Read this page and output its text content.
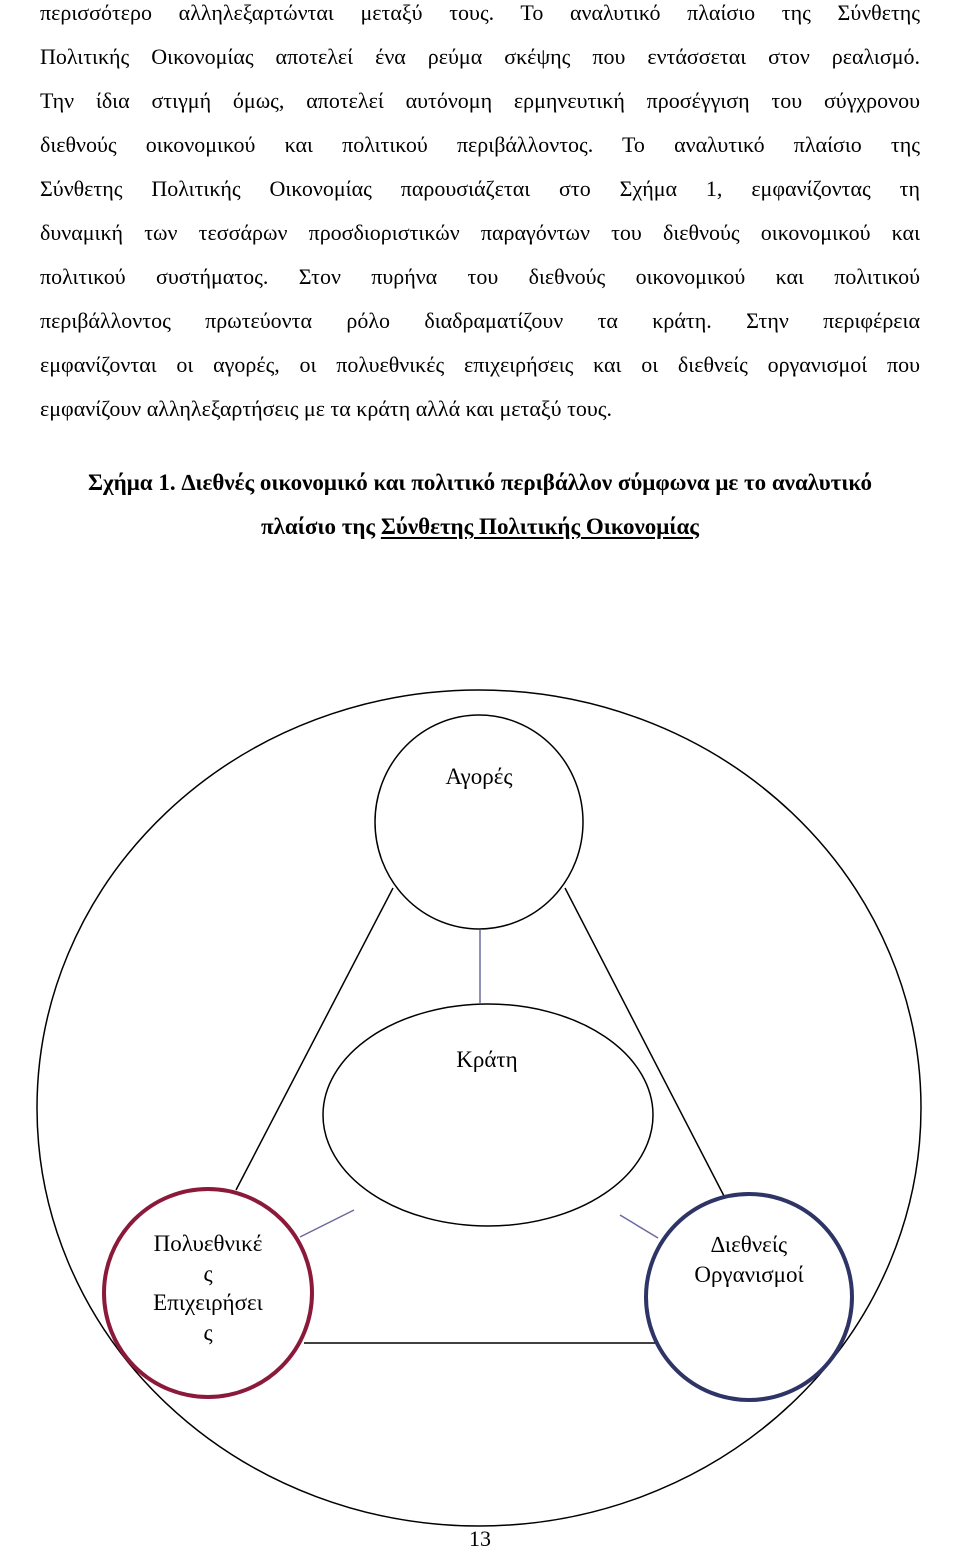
περισσότερο αλληλεξαρτώνται μεταξύ τους. Το αναλυτικό πλαίσιο της Σύνθετης
Πολιτικής Οικονομίας αποτελεί ένα ρεύμα σκέψης που εντάσσεται στον ρεαλισμό.
Την ίδια στιγμή όμως, αποτελεί αυτόνομη ερμηνευτική προσέγγιση του σύγχρονου
διεθνούς οικονομικού και πολιτικού περιβάλλοντος. Το αναλυτικό πλαίσιο της
Σύνθετης Πολιτικής Οικονομίας παρουσιάζεται στο Σχήμα 1, εμφανίζοντας τη
δυναμική των τεσσάρων προσδιοριστικών παραγόντων του διεθνούς οικονομικού και
πολιτικού συστήματος. Στον πυρήνα του διεθνούς οικονομικού και πολιτικού
περιβάλλοντος πρωτεύοντα ρόλο διαδραματίζουν τα κράτη. Στην περιφέρεια
εμφανίζονται οι αγορές, οι πολυεθνικές επιχειρήσεις και οι διεθνείς οργανισμοί που
εμφανίζουν αλληλεξαρτήσεις με τα κράτη αλλά και μεταξύ τους.
Σχήμα 1. ∆ιεθνές οικονομικό και πολιτικό περιβάλλον σύμφωνα με το αναλυτικό
πλαίσιο της Σύνθετης Πολιτικής Οικονομίας
Αγορές
Κράτη
Πολυεθνικέ
ς
Επιχειρήσει
ς
∆ιεθνείς
Οργανισμοί
13
